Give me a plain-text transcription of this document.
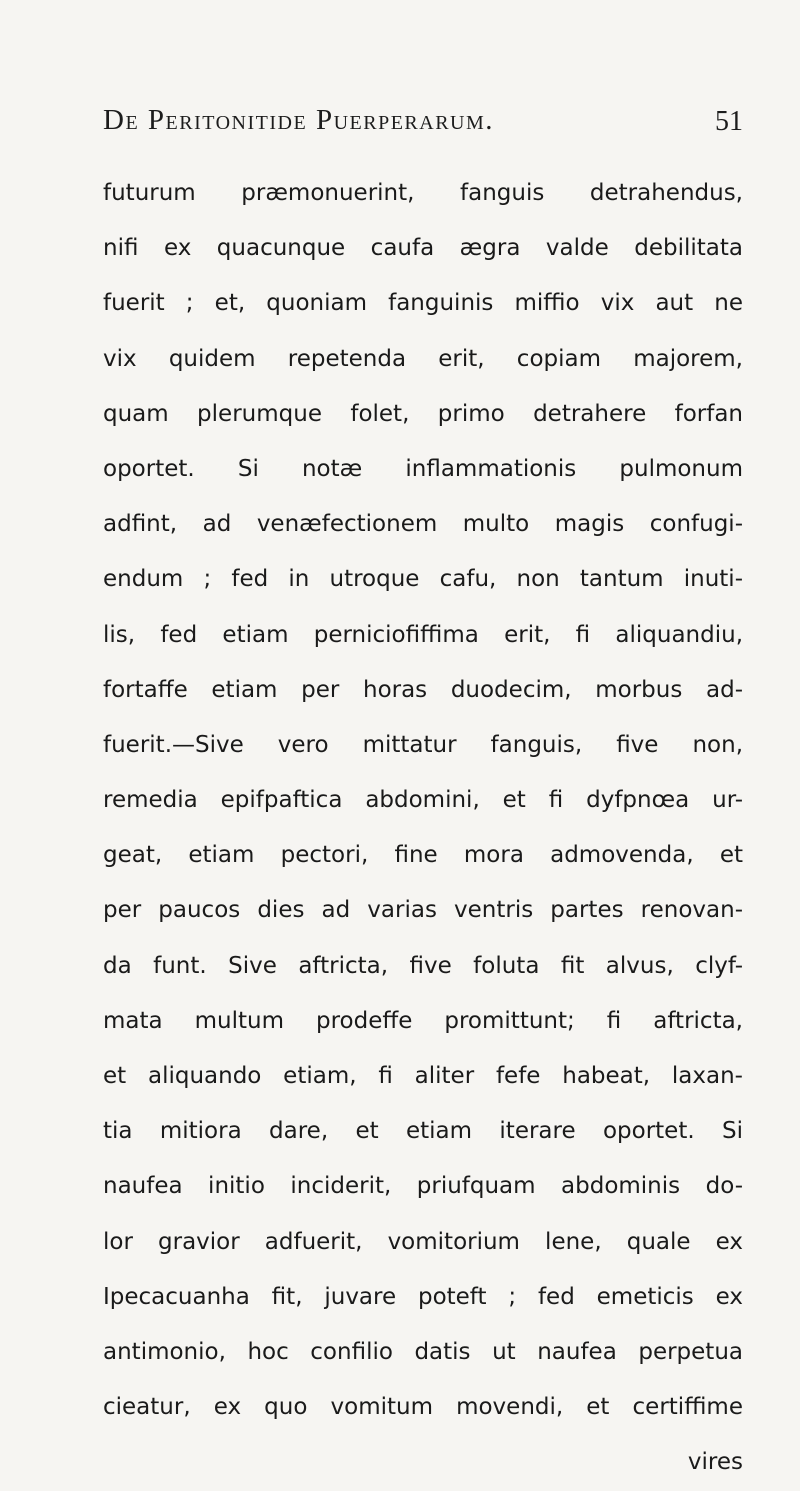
De Peritonitide Puerperarum.	51
futurum præmonuerint, fanguis detrahendus,
nifi ex quacunque caufa ægra valde debilitata
fuerit ; et, quoniam fanguinis miffio vix aut ne
vix quidem repetenda erit, copiam majorem,
quam plerumque folet, primo detrahere forfan
oportet. Si notæ inflammationis pulmonum
adfint, ad venæfectionem multo magis confugi-
endum ; fed in utroque cafu, non tantum inuti-
lis, fed etiam perniciofiffima erit, fi aliquandiu,
fortaffe etiam per horas duodecim, morbus ad-
fuerit.—Sive vero mittatur fanguis, five non,
remedia epifpaftica abdomini, et fi dyfpnœa ur-
geat, etiam pectori, fine mora admovenda, et
per paucos dies ad varias ventris partes renovan-
da funt. Sive aftricta, five foluta fit alvus, clyf-
mata multum prodeffe promittunt; fi aftricta,
et aliquando etiam, fi aliter fefe habeat, laxan-
tia mitiora dare, et etiam iterare oportet. Si
naufea initio inciderit, priufquam abdominis do-
lor gravior adfuerit, vomitorium lene, quale ex
Ipecacuanha fit, juvare poteft ; fed emeticis ex
antimonio, hoc confilio datis ut naufea perpetua
cieatur, ex quo vomitum movendi, et certiffime
vires
